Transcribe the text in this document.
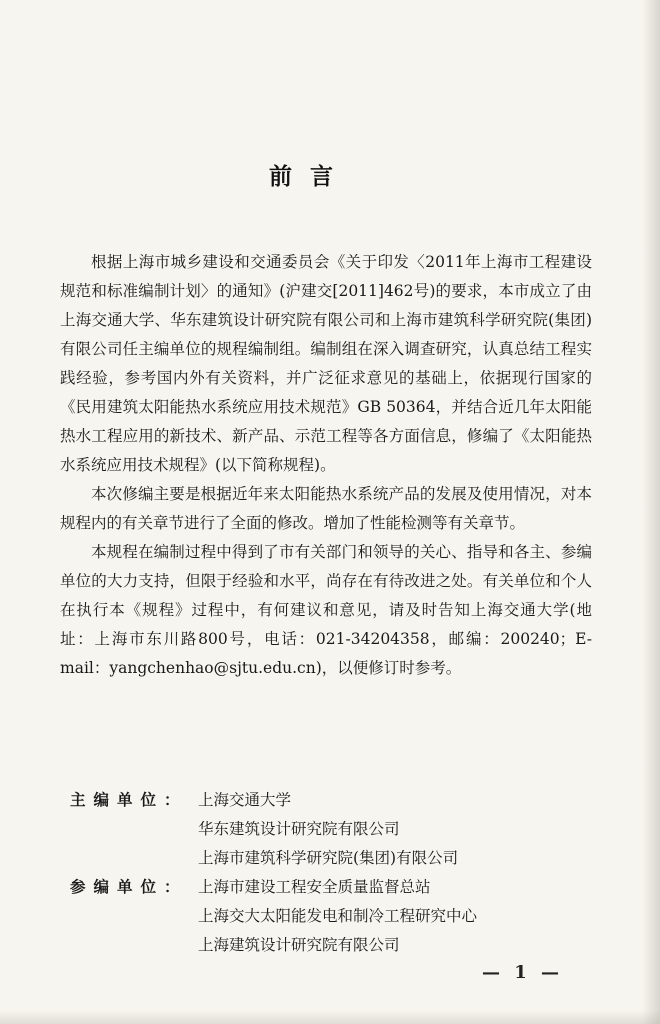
前言

根据上海市城乡建设和交通委员会《关于印发〈2011年上海市工程建设规范和标准编制计划〉的通知》(沪建交[2011]462号)的要求，本市成立了由上海交通大学、华东建筑设计研究院有限公司和上海市建筑科学研究院(集团)有限公司任主编单位的规程编制组。编制组在深入调查研究，认真总结工程实践经验，参考国内外有关资料，并广泛征求意见的基础上，依据现行国家的《民用建筑太阳能热水系统应用技术规范》GB 50364，并结合近几年太阳能热水工程应用的新技术、新产品、示范工程等各方面信息，修编了《太阳能热水系统应用技术规程》(以下简称规程)。

本次修编主要是根据近年来太阳能热水系统产品的发展及使用情况，对本规程内的有关章节进行了全面的修改。增加了性能检测等有关章节。

本规程在编制过程中得到了市有关部门和领导的关心、指导和各主、参编单位的大力支持，但限于经验和水平，尚存在有待改进之处。有关单位和个人在执行本《规程》过程中，有何建议和意见，请及时告知上海交通大学(地址：上海市东川路800号，电话：021-34204358，邮编：200240；E-mail：yangchenhao@sjtu.edu.cn)，以便修订时参考。

主编单位： 上海交通大学
华东建筑设计研究院有限公司
上海市建筑科学研究院(集团)有限公司
参编单位： 上海市建设工程安全质量监督总站
上海交大太阳能发电和制冷工程研究中心
上海建筑设计研究院有限公司
— 1 —
